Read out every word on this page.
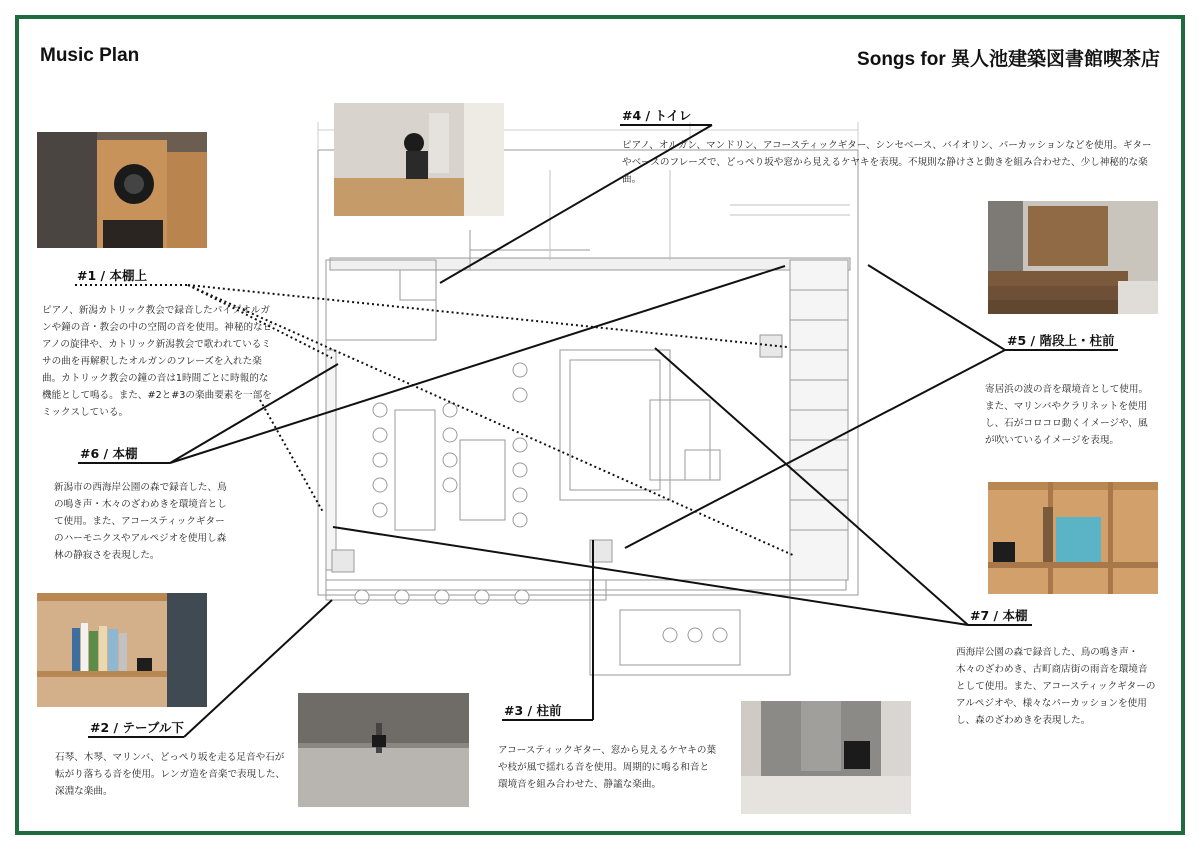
Music Plan	Songs for 異人池建築図書館喫茶店
#1 / 本棚上
#2 / テーブル下
#3 / 柱前
#4 / トイレ
#5 / 階段上・柱前
#6 / 本棚
#7 / 本棚
ピアノ、新潟カトリック教会で録音したパイプオルガンや鐘の音・教会の中の空間の音を使用。神秘的なピアノの旋律や、カトリック新潟教会で歌われているミサの曲を再解釈したオルガンのフレーズを入れた楽曲。カトリック教会の鐘の音は1時間ごとに時報的な機能として鳴る。また、#2と#3の楽曲要素を一部をミックスしている。
石琴、木琴、マリンバ、どっぺり坂を走る足音や石が転がり落ちる音を使用。レンガ造を音楽で表現した、深淵な楽曲。
アコースティックギター、窓から見えるケヤキの葉や枝が風で揺れる音を使用。周期的に鳴る和音と環境音を組み合わせた、静謐な楽曲。
ピアノ、オルガン、マンドリン、アコースティックギター、シンセベース、バイオリン、パーカッションなどを使用。ギターやベースのフレーズで、どっぺり坂や窓から見えるケヤキを表現。不規則な静けさと動きを組み合わせた、少し神秘的な楽曲。
寄居浜の波の音を環境音として使用。また、マリンバやクラリネットを使用し、石がコロコロ動くイメージや、風が吹いているイメージを表現。
新潟市の西海岸公園の森で録音した、鳥の鳴き声・木々のざわめきを環境音として使用。また、アコースティックギターのハーモニクスやアルペジオを使用し森林の静寂さを表現した。
西海岸公園の森で録音した、鳥の鳴き声・木々のざわめき、古町商店街の雨音を環境音として使用。また、アコースティックギターのアルペジオや、様々なパーカッションを使用し、森のざわめきを表現した。
